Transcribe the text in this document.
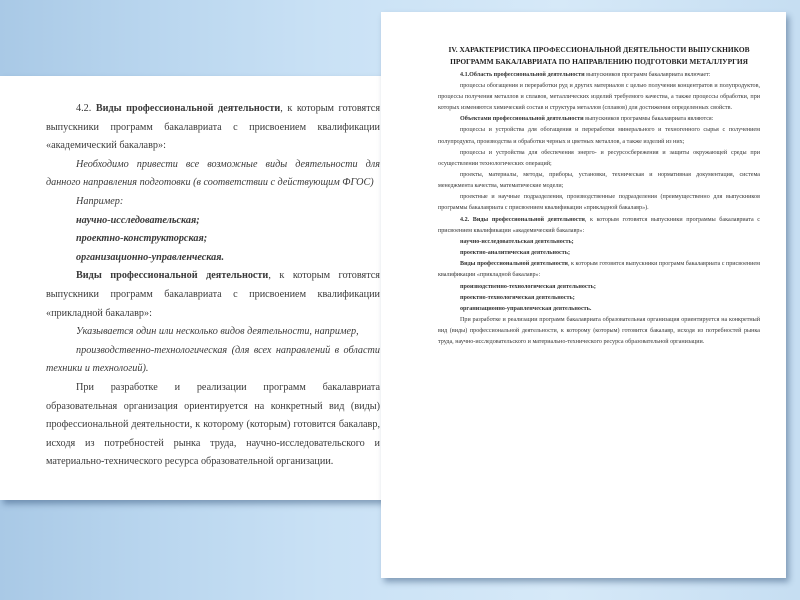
4.2. Виды профессиональной деятельности, к которым готовятся выпускники программ бакалавриата с присвоением квалификации «академический бакалавр»:

Необходимо привести все возможные виды деятельности для данного направления подготовки (в соответствии с действующим ФГОС)

Например:

научно-исследовательская;

проектно-конструкторская;

организационно-управленческая.

Виды профессиональной деятельности, к которым готовятся выпускники программ бакалавриата с присвоением квалификации «прикладной бакалавр»:

Указывается один или несколько видов деятельности, например,

производственно-технологическая (для всех направлений в области техники и технологий).

При разработке и реализации программ бакалавриата образовательная организация ориентируется на конкретный вид (виды) профессиональной деятельности, к которому (которым) готовится бакалавр, исходя из потребностей рынка труда, научно-исследовательского и материально-технического ресурса образовательной организации.

IV. ХАРАКТЕРИСТИКА ПРОФЕССИОНАЛЬНОЙ ДЕЯТЕЛЬНОСТИ ВЫПУСКНИКОВ ПРОГРАММ БАКАЛАВРИАТА ПО НАПРАВЛЕНИЮ ПОДГОТОВКИ МЕТАЛЛУРГИЯ

4.1.Область профессиональной деятельности выпускников программ бакалавриата включает:

процессы обогащения и переработки руд и других материалов с целью получения концентратов и полупродуктов, процессы получения металлов и сплавов, металлических изделий требуемого качества, а также процессы обработки, при которых изменяются химический состав и структура металлов (сплавов) для достижения определенных свойств.

Объектами профессиональной деятельности выпускников программы бакалавриата являются:

процессы и устройства для обогащения и переработки минерального и техногенного сырья с получением полупродукта, производства и обработки черных и цветных металлов, а также изделий из них;

процессы и устройства для обеспечения энерго- и ресурсосбережения и защиты окружающей среды при осуществлении технологических операций;

проекты, материалы, методы, приборы, установки, техническая и нормативная документация, система менеджмента качества, математические модели;

проектные и научные подразделения, производственные подразделения (преимущественно для выпускников программы бакалавриата с присвоением квалификации «прикладной бакалавр»).

4.2. Виды профессиональной деятельности, к которым готовятся выпускники программы бакалавриата с присвоением квалификации «академический бакалавр»:

научно-исследовательская деятельность;

проектно-аналитическая деятельность;

Виды профессиональной деятельности, к которым готовятся выпускники программ бакалавриата с присвоением квалификации «прикладной бакалавр»:

производственно-технологическая деятельность;

проектно-технологическая деятельность;

организационно-управленческая деятельность.

При разработке и реализации программ бакалавриата образовательная организация ориентируется на конкретный вид (виды) профессиональной деятельности, к которому (которым) готовится бакалавр, исходя из потребностей рынка труда, научно-исследовательского и материально-технического ресурса образовательной организации.
